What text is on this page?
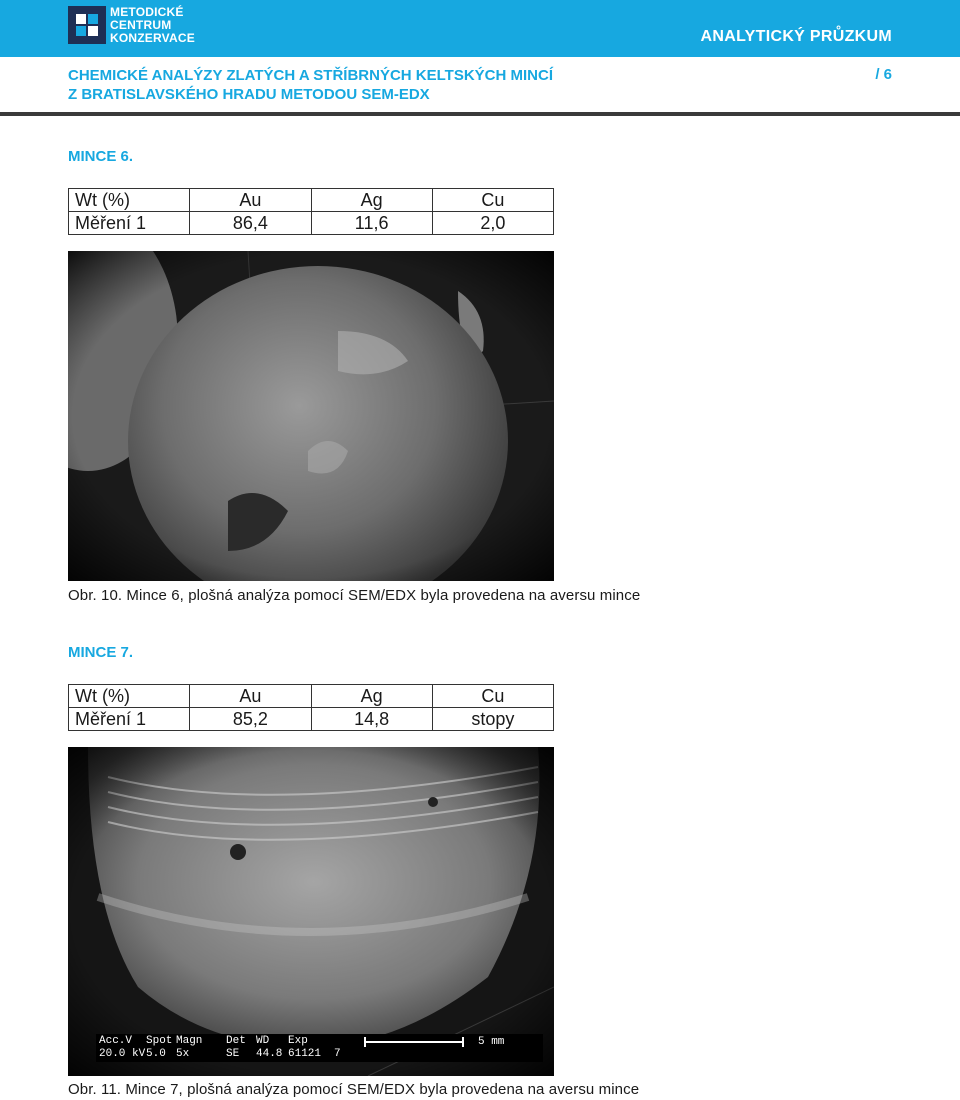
METODICKÉ
CENTRUM
KONZERVACE	ANALYTICKÝ PRŮZKUM
CHEMICKÉ ANALÝZY ZLATÝCH A STŘÍBRNÝCH KELTSKÝCH MINCÍ
Z BRATISLAVSKÉHO HRADU METODOU SEM-EDX
/ 6
MINCE 6.
Wt (%)	Au	Ag	Cu
Měření 1	86,4	11,6	2,0
Obr. 10. Mince 6, plošná analýza pomocí SEM/EDX byla provedena na aversu mince
MINCE 7.
Wt (%)	Au	Ag	Cu
Měření 1	85,2	14,8	stopy
Acc.V Spot Magn Det WD Exp
20.0 kV 5.0 5x	SE 44.8 61121 7
5 mm
Obr. 11. Mince 7, plošná analýza pomocí SEM/EDX byla provedena na aversu mince
